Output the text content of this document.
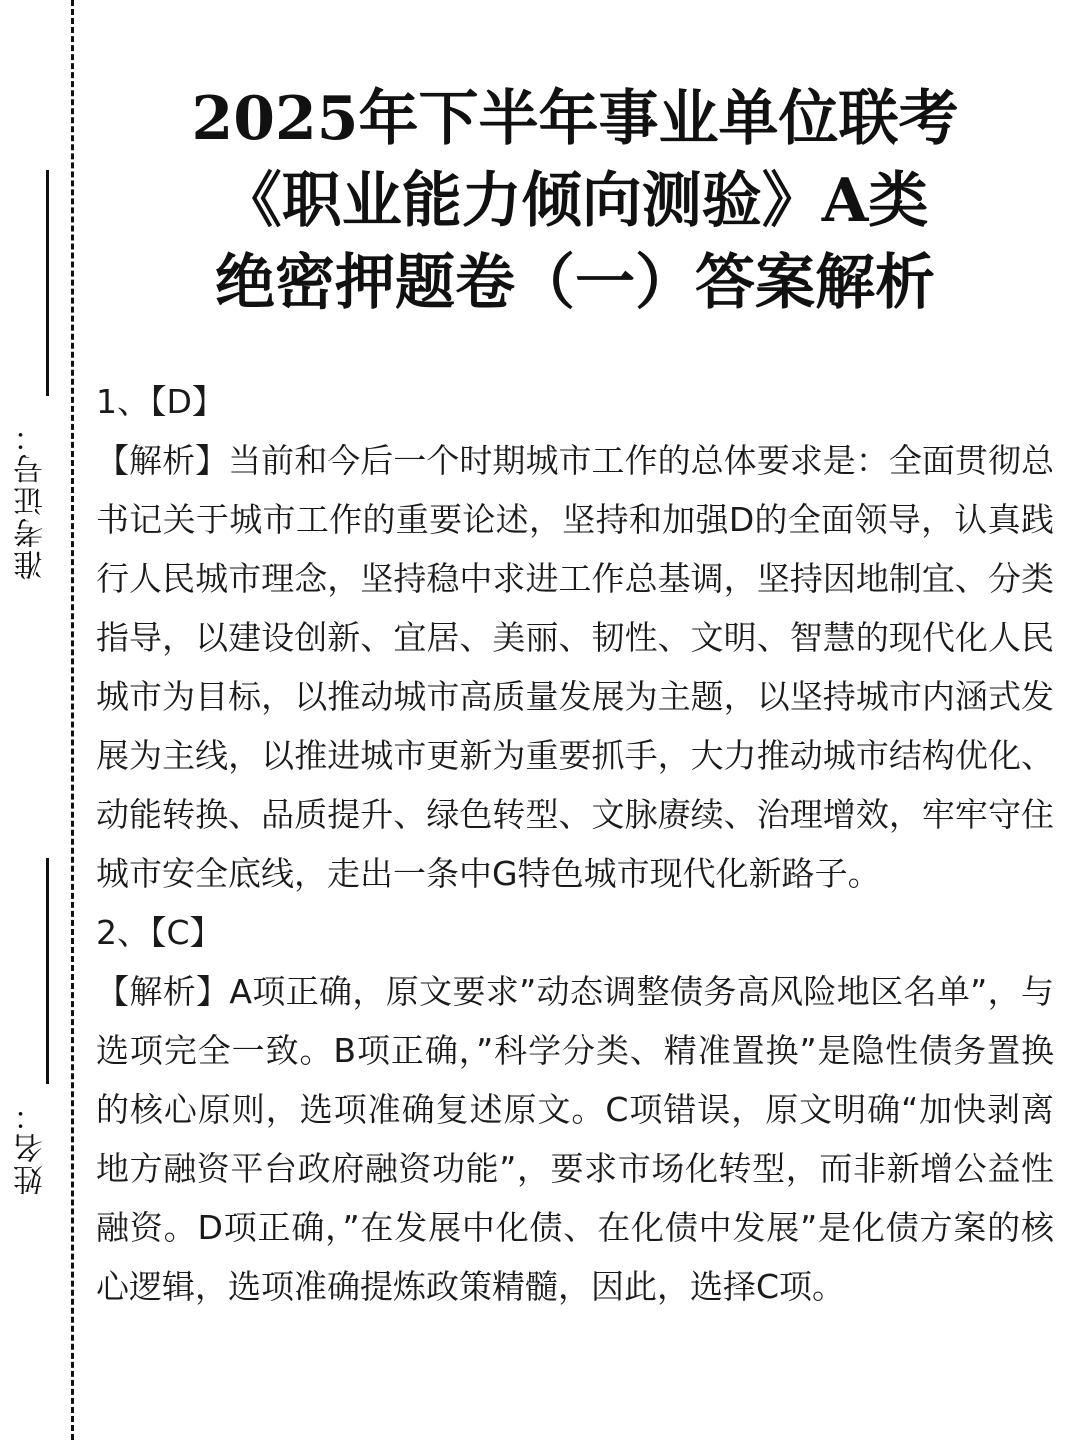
准考证号：
姓名：
2025年下半年事业单位联考
《职业能力倾向测验》A类
绝密押题卷（一）答案解析

1、【D】

【解析】当前和今后一个时期城市工作的总体要求是：全面贯彻总书记关于城市工作的重要论述，坚持和加强D的全面领导，认真践行人民城市理念，坚持稳中求进工作总基调，坚持因地制宜、分类指导，以建设创新、宜居、美丽、韧性、文明、智慧的现代化人民城市为目标，以推动城市高质量发展为主题，以坚持城市内涵式发展为主线，以推进城市更新为重要抓手，大力推动城市结构优化、动能转换、品质提升、绿色转型、文脉赓续、治理增效，牢牢守住城市安全底线，走出一条中G特色城市现代化新路子。

2、【C】

【解析】A项正确，原文要求”动态调整债务高风险地区名单”，与选项完全一致。B项正确，”科学分类、精准置换”是隐性债务置换的核心原则，选项准确复述原文。C项错误，原文明确“加快剥离地方融资平台政府融资功能”，要求市场化转型，而非新增公益性融资。D项正确，”在发展中化债、在化债中发展”是化债方案的核心逻辑，选项准确提炼政策精髓，因此，选择C项。
